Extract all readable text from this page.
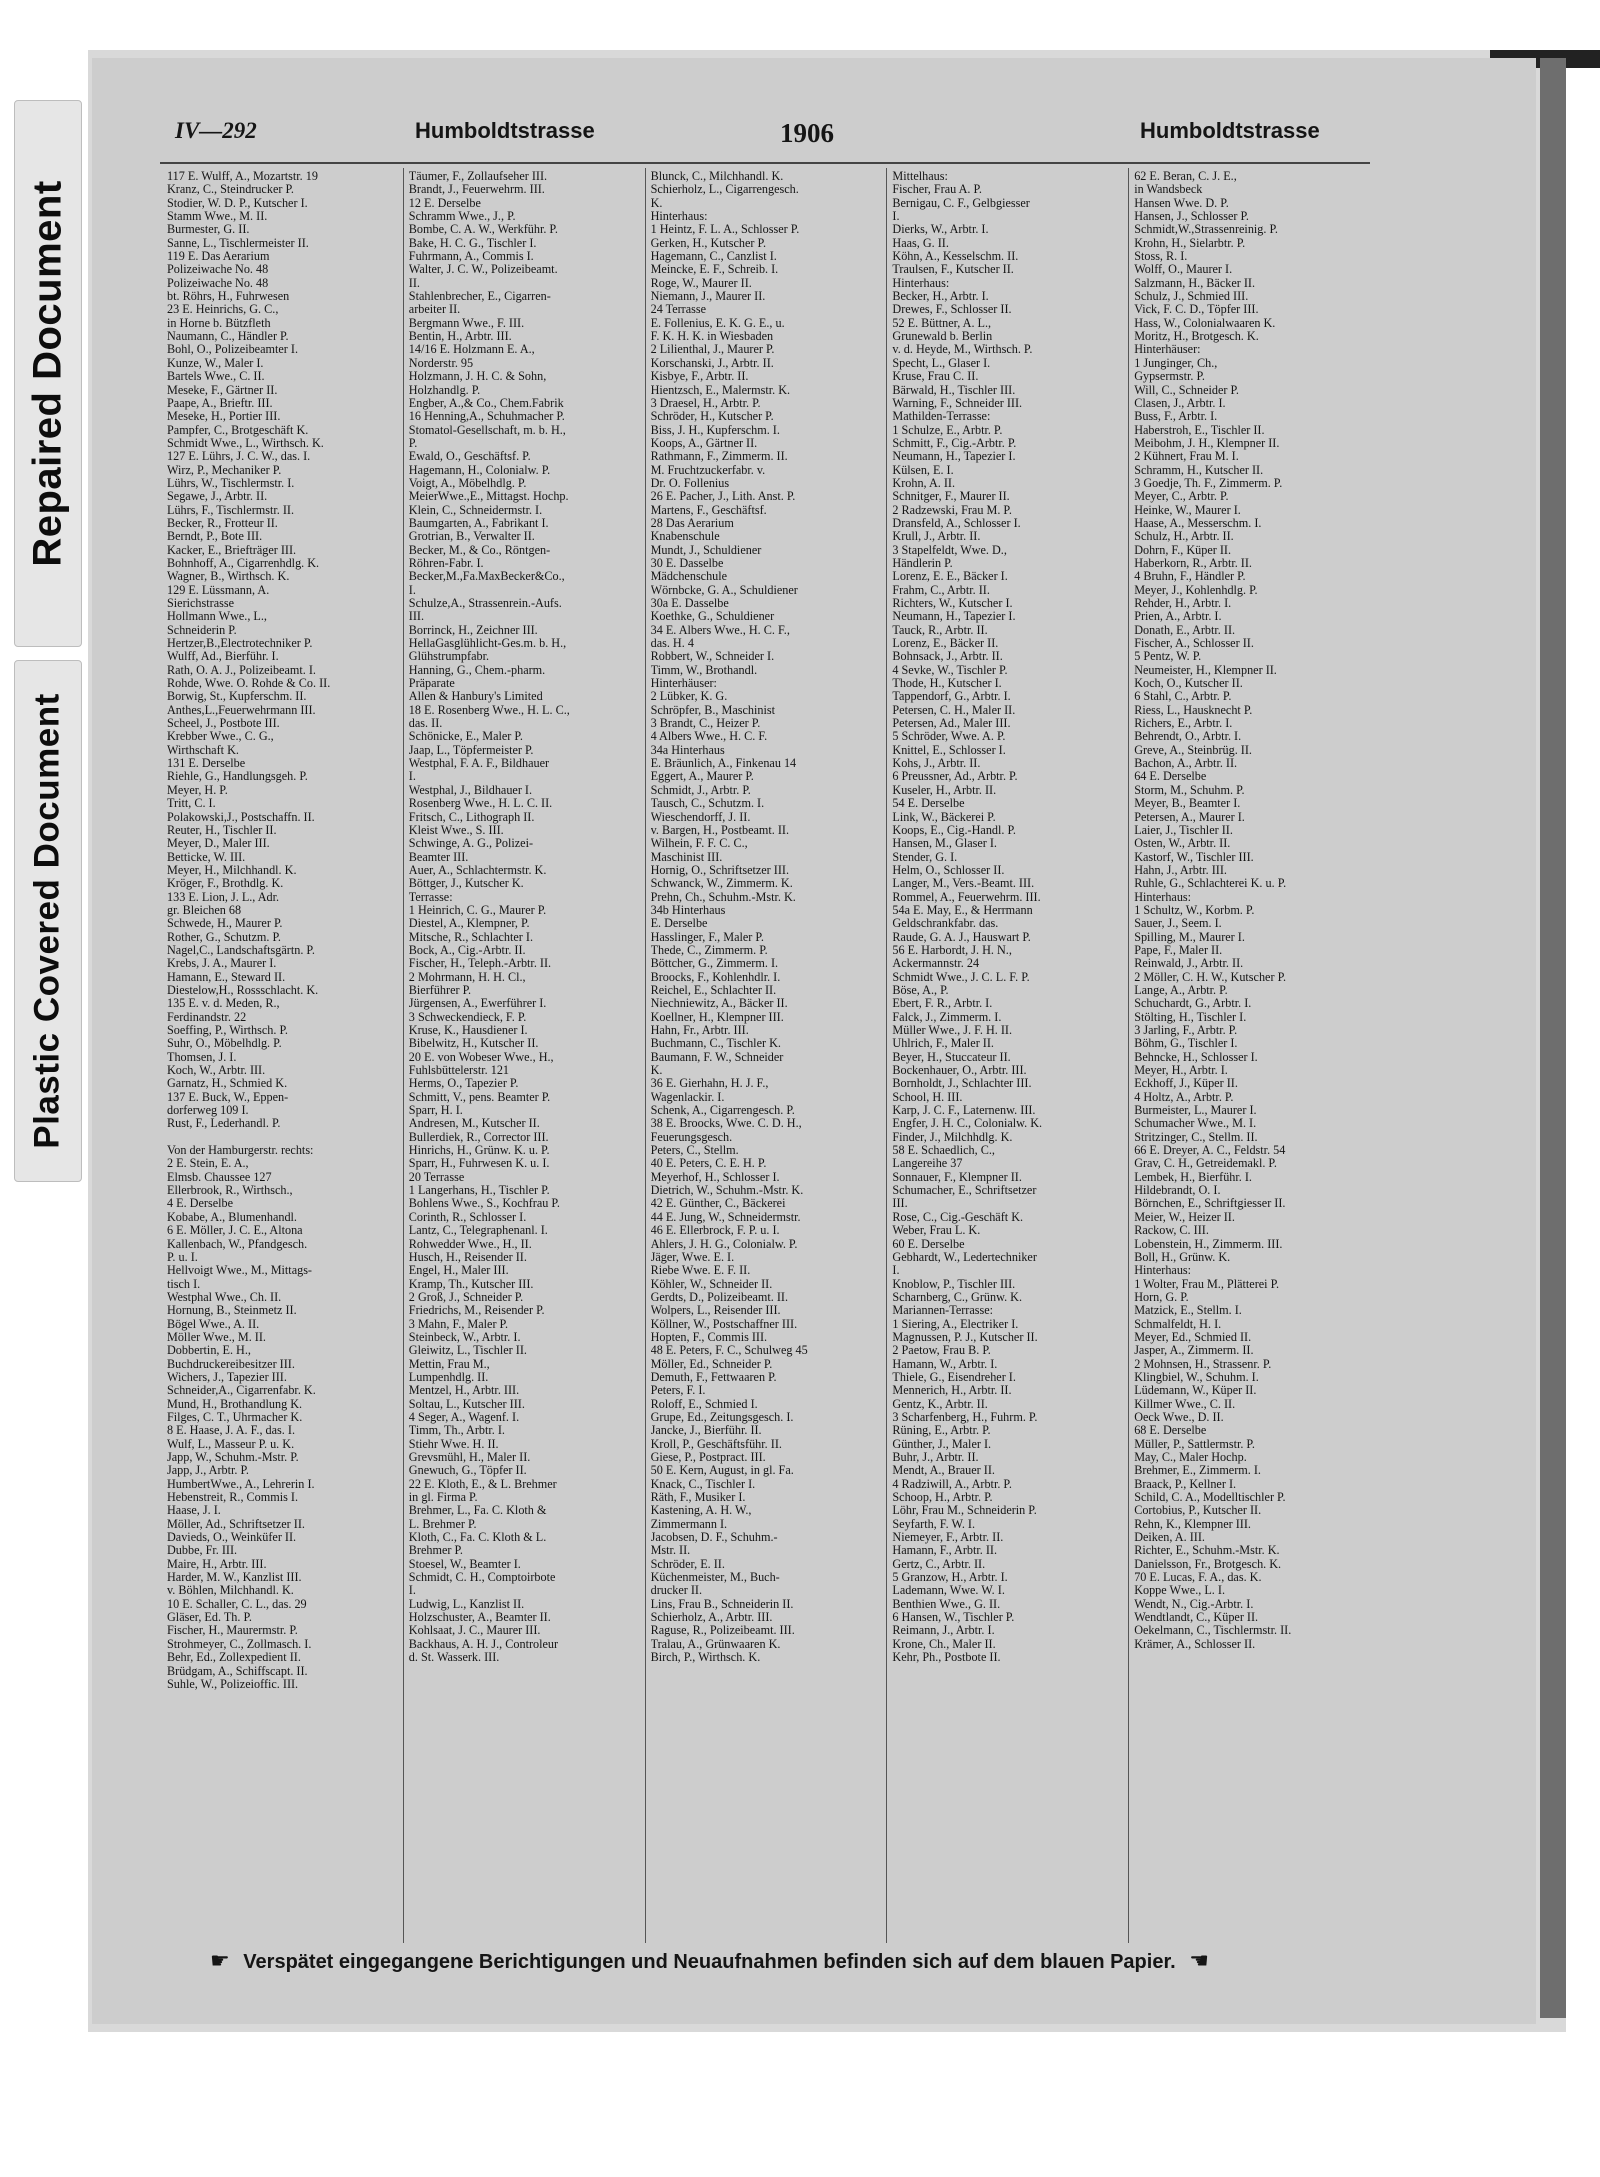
Repaired Document
Plastic Covered Document
IV—292	Humboldtstrasse	1906	Humboldtstrasse
117 E. Wulff, A., Mozartstr. 19
Kranz, C., Steindrucker P.
Stodier, W. D. P., Kutscher I.
Stamm Wwe., M. II.
Burmester, G. II.
Sanne, L., Tischlermeister II.
119 E. Das Aerarium
Polizeiwache No. 48
Polizeiwache No. 48
bt. Röhrs, H., Fuhrwesen
23 E. Heinrichs, G. C.,
in Horne b. Bützfleth
Naumann, C., Händler P.
Bohl, O., Polizeibeamter I.
Kunze, W., Maler I.
Bartels Wwe., C. II.
Meseke, F., Gärtner II.
Paape, A., Brieftr. III.
Meseke, H., Portier III.
Pampfer, C., Brotgeschäft K.
Schmidt Wwe., L., Wirthsch. K.
127 E. Lührs, J. C. W., das. I.
Wirz, P., Mechaniker P.
Lührs, W., Tischlermstr. I.
Segawe, J., Arbtr. II.
Lührs, F., Tischlermstr. II.
Becker, R., Frotteur II.
Berndt, P., Bote III.
Kacker, E., Briefträger III.
Bohnhoff, A., Cigarrenhdlg. K.
Wagner, B., Wirthsch. K.
129 E. Lüssmann, A.
Sierichstrasse
Hollmann Wwe., L.,
Schneiderin P.
Hertzer,B.,Electrotechniker P.
Wulff, Ad., Bierführ. I.
Rath, O. A. J., Polizeibeamt. I.
Rohde, Wwe. O. Rohde & Co. II.
Borwig, St., Kupferschm. II.
Anthes,L.,Feuerwehrmann III.
Scheel, J., Postbote III.
Krebber Wwe., C. G.,
Wirthschaft K.
131 E. Derselbe
Riehle, G., Handlungsgeh. P.
Meyer, H. P.
Tritt, C. I.
Polakowski,J., Postschaffn. II.
Reuter, H., Tischler II.
Meyer, D., Maler III.
Betticke, W. III.
Meyer, H., Milchhandl. K.
Kröger, F., Brothdlg. K.
133 E. Lion, J. L., Adr.
gr. Bleichen 68
Schwede, H., Maurer P.
Rother, G., Schutzm. P.
Nagel,C., Landschaftsgärtn. P.
Krebs, J. A., Maurer I.
Hamann, E., Steward II.
Diestelow,H., Rossschlacht. K.
135 E. v. d. Meden, R.,
Ferdinandstr. 22
Soeffing, P., Wirthsch. P.
Suhr, O., Möbelhdlg. P.
Thomsen, J. I.
Koch, W., Arbtr. III.
Garnatz, H., Schmied K.
137 E. Buck, W., Eppen-
dorferweg 109 I.
Rust, F., Lederhandl. P.

Von der Hamburgerstr. rechts:
2 E. Stein, E. A.,
Elmsb. Chaussee 127
Ellerbrook, R., Wirthsch.,
4 E. Derselbe
Kobabe, A., Blumenhandl.
6 E. Möller, J. C. E., Altona
Kallenbach, W., Pfandgesch.
P. u. I.
Hellvoigt Wwe., M., Mittags-
tisch I.
Westphal Wwe., Ch. II.
Hornung, B., Steinmetz II.
Bögel Wwe., A. II.
Möller Wwe., M. II.
Dobbertin, E. H.,
Buchdruckereibesitzer III.
Wichers, J., Tapezier III.
Schneider,A., Cigarrenfabr. K.
Mund, H., Brothandlung K.
Filges, C. T., Uhrmacher K.
8 E. Haase, J. A. F., das. I.
Wulf, L., Masseur P. u. K.
Japp, W., Schuhm.-Mstr. P.
Japp, J., Arbtr. P.
HumbertWwe., A., Lehrerin I.
Hebenstreit, R., Commis I.
Haase, J. I.
Möller, Ad., Schriftsetzer II.
Davieds, O., Weinküfer II.
Dubbe, Fr. III.
Maire, H., Arbtr. III.
Harder, M. W., Kanzlist III.
v. Böhlen, Milchhandl. K.
10 E. Schaller, C. L., das. 29
Gläser, Ed. Th. P.
Fischer, H., Maurermstr. P.
Strohmeyer, C., Zollmasch. I.
Behr, Ed., Zollexpedient II.
Brüdgam, A., Schiffscapt. II.
Suhle, W., Polizeioffic. III.
Täumer, F., Zollaufseher III.
Brandt, J., Feuerwehrm. III.
12 E. Derselbe
Schramm Wwe., J., P.
Bombe, C. A. W., Werkführ. P.
Bake, H. C. G., Tischler I.
Fuhrmann, A., Commis I.
Walter, J. C. W., Polizeibeamt.
II.
Stahlenbrecher, E., Cigarren-
arbeiter II.
Bergmann Wwe., F. III.
Bentin, H., Arbtr. III.
14/16 E. Holzmann E. A.,
Norderstr. 95
Holzmann, J. H. C. & Sohn,
Holzhandlg. P.
Engber, A.,& Co., Chem.Fabrik
16 Henning,A., Schuhmacher P.
Stomatol-Gesellschaft, m. b. H.,
P.
Ewald, O., Geschäftsf. P.
Hagemann, H., Colonialw. P.
Voigt, A., Möbelhdlg. P.
MeierWwe.,E., Mittagst. Hochp.
Klein, C., Schneidermstr. I.
Baumgarten, A., Fabrikant I.
Grotrian, B., Verwalter II.
Becker, M., & Co., Röntgen-
Röhren-Fabr. I.
Becker,M.,Fa.MaxBecker&Co.,
I.
Schulze,A., Strassenrein.-Aufs.
III.
Borrinck, H., Zeichner III.
HellaGasglühlicht-Ges.m. b. H.,
Glühstrumpfabr.
Hanning, G., Chem.-pharm.
Präparate
Allen & Hanbury's Limited
18 E. Rosenberg Wwe., H. L. C.,
das. II.
Schönicke, E., Maler P.
Jaap, L., Töpfermeister P.
Westphal, F. A. F., Bildhauer
I.
Westphal, J., Bildhauer I.
Rosenberg Wwe., H. L. C. II.
Fritsch, C., Lithograph II.
Kleist Wwe., S. III.
Schwinge, A. G., Polizei-
Beamter III.
Auer, A., Schlachtermstr. K.
Böttger, J., Kutscher K.
Terrasse:
1 Heinrich, C. G., Maurer P.
Diestel, A., Klempner, P.
Mitsche, R., Schlachter I.
Bock, A., Cig.-Arbtr. II.
Fischer, H., Teleph.-Arbtr. II.
2 Mohrmann, H. H. Cl.,
Bierführer P.
Jürgensen, A., Ewerführer I.
3 Schweckendieck, F. P.
Kruse, K., Hausdiener I.
Bibelwitz, H., Kutscher II.
20 E. von Wobeser Wwe., H.,
Fuhlsbüttelerstr. 121
Herms, O., Tapezier P.
Schmitt, V., pens. Beamter P.
Sparr, H. I.
Andresen, M., Kutscher II.
Bullerdiek, R., Corrector III.
Hinrichs, H., Grünw. K. u. P.
Sparr, H., Fuhrwesen K. u. I.
20 Terrasse
1 Langerhans, H., Tischler P.
Bohlens Wwe., S., Kochfrau P.
Corinth, R., Schlosser I.
Lantz, C., Telegraphenanl. I.
Rohwedder Wwe., H., II.
Husch, H., Reisender II.
Engel, H., Maler III.
Kramp, Th., Kutscher III.
2 Groß, J., Schneider P.
Friedrichs, M., Reisender P.
3 Mahn, F., Maler P.
Steinbeck, W., Arbtr. I.
Gleiwitz, L., Tischler II.
Mettin, Frau M.,
Lumpenhdlg. II.
Mentzel, H., Arbtr. III.
Soltau, L., Kutscher III.
4 Seger, A., Wagenf. I.
Timm, Th., Arbtr. I.
Stiehr Wwe. H. II.
Grevsmühl, H., Maler II.
Gnewuch, G., Töpfer II.
22 E. Kloth, E., & L. Brehmer
in gl. Firma P.
Brehmer, L., Fa. C. Kloth &
L. Brehmer P.
Kloth, C., Fa. C. Kloth & L.
Brehmer P.
Stoesel, W., Beamter I.
Schmidt, C. H., Comptoirbote
I.
Ludwig, L., Kanzlist II.
Holzschuster, A., Beamter II.
Kohlsaat, J. C., Maurer III.
Backhaus, A. H. J., Controleur
d. St. Wasserk. III.
Blunck, C., Milchhandl. K.
Schierholz, L., Cigarrengesch.
K.
Hinterhaus:
1 Heintz, F. L. A., Schlosser P.
Gerken, H., Kutscher P.
Hagemann, C., Canzlist I.
Meincke, E. F., Schreib. I.
Roge, W., Maurer II.
Niemann, J., Maurer II.
24 Terrasse
E. Follenius, E. K. G. E., u.
F. K. H. K. in Wiesbaden
2 Lilienthal, J., Maurer P.
Korschanski, J., Arbtr. II.
Kisbye, F., Arbtr. II.
Hientzsch, E., Malermstr. K.
3 Draesel, H., Arbtr. P.
Schröder, H., Kutscher P.
Biss, J. H., Kupferschm. I.
Koops, A., Gärtner II.
Rathmann, F., Zimmerm. II.
M. Fruchtzuckerfabr. v.
Dr. O. Follenius
26 E. Pacher, J., Lith. Anst. P.
Martens, F., Geschäftsf.
28 Das Aerarium
Knabenschule
Mundt, J., Schuldiener
30 E. Dasselbe
Mädchenschule
Wörnbcke, G. A., Schuldiener
30a E. Dasselbe
Koethke, G., Schuldiener
34 E. Albers Wwe., H. C. F.,
das. H. 4
Robbert, W., Schneider I.
Timm, W., Brothandl.
Hinterhäuser:
2 Lübker, K. G.
Schröpfer, B., Maschinist
3 Brandt, C., Heizer P.
4 Albers Wwe., H. C. F.
34a Hinterhaus
E. Bräunlich, A., Finkenau 14
Eggert, A., Maurer P.
Schmidt, J., Arbtr. P.
Tausch, C., Schutzm. I.
Wieschendorff, J. II.
v. Bargen, H., Postbeamt. II.
Wilhein, F. F. C. C.,
Maschinist III.
Hornig, O., Schriftsetzer III.
Schwanck, W., Zimmerm. K.
Prehn, Ch., Schuhm.-Mstr. K.
34b Hinterhaus
E. Derselbe
Hasslinger, F., Maler P.
Thede, C., Zimmerm. P.
Böttcher, G., Zimmerm. I.
Broocks, F., Kohlenhdlr. I.
Reichel, E., Schlachter II.
Niechniewitz, A., Bäcker II.
Koellner, H., Klempner III.
Hahn, Fr., Arbtr. III.
Buchmann, C., Tischler K.
Baumann, F. W., Schneider
K.
36 E. Gierhahn, H. J. F.,
Wagenlackir. I.
Schenk, A., Cigarrengesch. P.
38 E. Broocks, Wwe. C. D. H.,
Feuerungsgesch.
Peters, C., Stellm.
40 E. Peters, C. E. H. P.
Meyerhof, H., Schlosser I.
Dietrich, W., Schuhm.-Mstr. K.
42 E. Günther, C., Bäckerei
44 E. Jung, W., Schneidermstr.
46 E. Ellerbrock, F. P. u. I.
Ahlers, J. H. G., Colonialw. P.
Jäger, Wwe. E. I.
Riebe Wwe. E. F. II.
Köhler, W., Schneider II.
Gerdts, D., Polizeibeamt. II.
Wolpers, L., Reisender III.
Köllner, W., Postschaffner III.
Hopten, F., Commis III.
48 E. Peters, F. C., Schulweg 45
Möller, Ed., Schneider P.
Demuth, F., Fettwaaren P.
Peters, F. I.
Roloff, E., Schmied I.
Grupe, Ed., Zeitungsgesch. I.
Jancke, J., Bierführ. II.
Kroll, P., Geschäftsführ. II.
Giese, P., Postpract. III.
50 E. Kern, August, in gl. Fa.
Knack, C., Tischler I.
Räth, F., Musiker I.
Kastening, A. H. W.,
Zimmermann I.
Jacobsen, D. F., Schuhm.-
Mstr. II.
Schröder, E. II.
Küchenmeister, M., Buch-
drucker II.
Lins, Frau B., Schneiderin II.
Schierholz, A., Arbtr. III.
Raguse, R., Polizeibeamt. III.
Tralau, A., Grünwaaren K.
Birch, P., Wirthsch. K.
Mittelhaus:
Fischer, Frau A. P.
Bernigau, C. F., Gelbgiesser
I.
Dierks, W., Arbtr. I.
Haas, G. II.
Köhn, A., Kesselschm. II.
Traulsen, F., Kutscher II.
Hinterhaus:
Becker, H., Arbtr. I.
Drewes, F., Schlosser II.
52 E. Büttner, A. L.,
Grunewald b. Berlin
v. d. Heyde, M., Wirthsch. P.
Specht, L., Glaser I.
Kruse, Frau C. II.
Bärwald, H., Tischler III.
Warning, F., Schneider III.
Mathilden-Terrasse:
1 Schulze, E., Arbtr. P.
Schmitt, F., Cig.-Arbtr. P.
Neumann, H., Tapezier I.
Külsen, E. I.
Krohn, A. II.
Schnitger, F., Maurer II.
2 Radzewski, Frau M. P.
Dransfeld, A., Schlosser I.
Krull, J., Arbtr. II.
3 Stapelfeldt, Wwe. D.,
Händlerin P.
Lorenz, E. E., Bäcker I.
Frahm, C., Arbtr. II.
Richters, W., Kutscher I.
Neumann, H., Tapezier I.
Tauck, R., Arbtr. II.
Lorenz, E., Bäcker II.
Bohnsack, J., Arbtr. II.
4 Sevke, W., Tischler P.
Thode, H., Kutscher I.
Tappendorf, G., Arbtr. I.
Petersen, C. H., Maler II.
Petersen, Ad., Maler III.
5 Schröder, Wwe. A. P.
Knittel, E., Schlosser I.
Kohs, J., Arbtr. II.
6 Preussner, Ad., Arbtr. P.
Kuseler, H., Arbtr. II.
54 E. Derselbe
Link, W., Bäckerei P.
Koops, E., Cig.-Handl. P.
Hansen, M., Glaser I.
Stender, G. I.
Helm, O., Schlosser II.
Langer, M., Vers.-Beamt. III.
Rommel, A., Feuerwehrm. III.
54a E. May, E., & Herrmann
Geldschrankfabr. das.
Raude, G. A. J., Hauswart P.
56 E. Harbordt, J. H. N.,
Ackermannstr. 24
Schmidt Wwe., J. C. L. F. P.
Böse, A., P.
Ebert, F. R., Arbtr. I.
Falck, J., Zimmerm. I.
Müller Wwe., J. F. H. II.
Uhlrich, F., Maler II.
Beyer, H., Stuccateur II.
Bockenhauer, O., Arbtr. III.
Bornholdt, J., Schlachter III.
School, H. III.
Karp, J. C. F., Laternenw. III.
Engfer, J. H. C., Colonialw. K.
Finder, J., Milchhdlg. K.
58 E. Schaedlich, C.,
Langereihe 37
Sonnauer, F., Klempner II.
Schumacher, E., Schriftsetzer
III.
Rose, C., Cig.-Geschäft K.
Weber, Frau L. K.
60 E. Derselbe
Gebhardt, W., Ledertechniker
I.
Knoblow, P., Tischler III.
Scharnberg, C., Grünw. K.
Mariannen-Terrasse:
1 Siering, A., Electriker I.
Magnussen, P. J., Kutscher II.
2 Paetow, Frau B. P.
Hamann, W., Arbtr. I.
Thiele, G., Eisendreher I.
Mennerich, H., Arbtr. II.
Gentz, K., Arbtr. II.
3 Scharfenberg, H., Fuhrm. P.
Rüning, E., Arbtr. P.
Günther, J., Maler I.
Buhr, J., Arbtr. II.
Mendt, A., Brauer II.
4 Radziwill, A., Arbtr. P.
Schoop, H., Arbtr. P.
Löhr, Frau M., Schneiderin P.
Seyfarth, F. W. I.
Niemeyer, F., Arbtr. II.
Hamann, F., Arbtr. II.
Gertz, C., Arbtr. II.
5 Granzow, H., Arbtr. I.
Lademann, Wwe. W. I.
Benthien Wwe., G. II.
6 Hansen, W., Tischler P.
Reimann, J., Arbtr. I.
Krone, Ch., Maler II.
Kehr, Ph., Postbote II.
62 E. Beran, C. J. E.,
in Wandsbeck
Hansen Wwe. D. P.
Hansen, J., Schlosser P.
Schmidt,W.,Strassenreinig. P.
Krohn, H., Sielarbtr. P.
Stoss, R. I.
Wolff, O., Maurer I.
Salzmann, H., Bäcker II.
Schulz, J., Schmied III.
Vick, F. C. D., Töpfer III.
Hass, W., Colonialwaaren K.
Moritz, H., Brotgesch. K.
Hinterhäuser:
1 Junginger, Ch.,
Gypsermstr. P.
Will, C., Schneider P.
Clasen, J., Arbtr. I.
Buss, F., Arbtr. I.
Haberstroh, E., Tischler II.
Meibohm, J. H., Klempner II.
2 Kühnert, Frau M. I.
Schramm, H., Kutscher II.
3 Goedje, Th. F., Zimmerm. P.
Meyer, C., Arbtr. P.
Heinke, W., Maurer I.
Haase, A., Messerschm. I.
Schulz, H., Arbtr. II.
Dohrn, F., Küper II.
Haberkorn, R., Arbtr. II.
4 Bruhn, F., Händler P.
Meyer, J., Kohlenhdlg. P.
Rehder, H., Arbtr. I.
Prien, A., Arbtr. I.
Donath, E., Arbtr. II.
Fischer, A., Schlosser II.
5 Pentz, W. P.
Neumeister, H., Klempner II.
Koch, O., Kutscher II.
6 Stahl, C., Arbtr. P.
Riess, L., Hausknecht P.
Richers, E., Arbtr. I.
Behrendt, O., Arbtr. I.
Greve, A., Steinbrüg. II.
Bachon, A., Arbtr. II.
64 E. Derselbe
Storm, M., Schuhm. P.
Meyer, B., Beamter I.
Petersen, A., Maurer I.
Laier, J., Tischler II.
Osten, W., Arbtr. II.
Kastorf, W., Tischler III.
Hahn, J., Arbtr. III.
Ruhle, G., Schlachterei K. u. P.
Hinterhaus:
1 Schultz, W., Korbm. P.
Sauer, J., Seem. I.
Spilling, M., Maurer I.
Pape, F., Maler II.
Reinwald, J., Arbtr. II.
2 Möller, C. H. W., Kutscher P.
Lange, A., Arbtr. P.
Schuchardt, G., Arbtr. I.
Stölting, H., Tischler I.
3 Jarling, F., Arbtr. P.
Böhm, G., Tischler I.
Behncke, H., Schlosser I.
Meyer, H., Arbtr. I.
Eckhoff, J., Küper II.
4 Holtz, A., Arbtr. P.
Burmeister, L., Maurer I.
Schumacher Wwe., M. I.
Stritzinger, C., Stellm. II.
66 E. Dreyer, A. C., Feldstr. 54
Grav, C. H., Getreidemakl. P.
Lembek, H., Bierführ. I.
Hildebrandt, O. I.
Börnchen, E., Schriftgiesser II.
Meier, W., Heizer II.
Rackow, C. III.
Lobenstein, H., Zimmerm. III.
Boll, H., Grünw. K.
Hinterhaus:
1 Wolter, Frau M., Plätterei P.
Horn, G. P.
Matzick, E., Stellm. I.
Schmalfeldt, H. I.
Meyer, Ed., Schmied II.
Jasper, A., Zimmerm. II.
2 Mohnsen, H., Strassenr. P.
Klingbiel, W., Schuhm. I.
Lüdemann, W., Küper II.
Killmer Wwe., C. II.
Oeck Wwe., D. II.
68 E. Derselbe
Müller, P., Sattlermstr. P.
May, C., Maler Hochp.
Brehmer, E., Zimmerm. I.
Braack, P., Kellner I.
Schild, C. A., Modelltischler P.
Cortobius, P., Kutscher II.
Rehn, K., Klempner III.
Deiken, A. III.
Richter, E., Schuhm.-Mstr. K.
Danielsson, Fr., Brotgesch. K.
70 E. Lucas, F. A., das. K.
Koppe Wwe., L. I.
Wendt, N., Cig.-Arbtr. I.
Wendtlandt, C., Küper II.
Oekelmann, C., Tischlermstr. II.
Krämer, A., Schlosser II.
☛ Verspätet eingegangene Berichtigungen und Neuaufnahmen befinden sich auf dem blauen Papier. ☚
